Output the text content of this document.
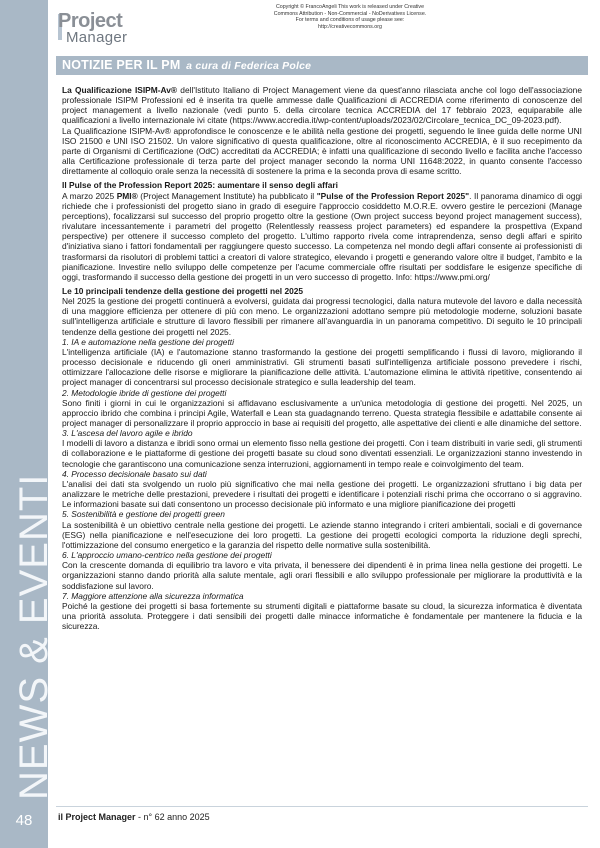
Project
Manager
Copyright © FrancoAngeli This work is released under Creative
Commons Attribution - Non-Commercial - NoDerivatives License.
For terms and conditions of usage please see:
http://creativecommons.org
NEWS & EVENTI
48
NOTIZIE PER IL PM a cura di Federica Polce

La Qualificazione ISIPM-Av® dell'Istituto Italiano di Project Management viene da quest'anno rilasciata anche col logo dell'associazione professionale ISIPM Professioni ed è inserita tra quelle ammesse dalle Qualificazioni di ACCREDIA come riferimento di conoscenze del project management a livello nazionale (vedi punto 5. della circolare tecnica ACCREDIA del 17 febbraio 2023, equiparabile alle qualificazioni a livello internazionale ivi citate (https://www.accredia.it/wp-content/uploads/2023/02/Circolare_tecnica_DC_09-2023.pdf).

La Qualificazione ISIPM-Av® approfondisce le conoscenze e le abilità nella gestione dei progetti, seguendo le linee guida delle norme UNI ISO 21500 e UNI ISO 21502. Un valore significativo di questa qualificazione, oltre al riconoscimento ACCREDIA, è il suo recepimento da parte di Organismi di Certificazione (OdC) accreditati da ACCREDIA; è infatti una qualificazione di secondo livello e facilita anche l'accesso alla Certificazione professionale di terza parte del project manager secondo la norma UNI 11648:2022, in quanto consente l'accesso direttamente al colloquio orale senza la necessità di sostenere la prima e la seconda prova di esame scritto.

Il Pulse of the Profession Report 2025: aumentare il senso degli affari

A marzo 2025 PMI® (Project Management Institute) ha pubblicato il "Pulse of the Profession Report 2025". Il panorama dinamico di oggi richiede che i professionisti del progetto siano in grado di eseguire l'approccio cosiddetto M.O.R.E. ovvero gestire le percezioni (Manage perceptions), focalizzarsi sul successo del proprio progetto oltre la gestione (Own project success beyond project management success), rivalutare incessantemente i parametri del progetto (Relentlessly reassess project parameters) ed espandere la prospettiva (Expand perspective) per ottenere il successo completo del progetto. L'ultimo rapporto rivela come intraprendenza, senso degli affari e spirito d'iniziativa siano i fattori fondamentali per raggiungere questo successo. La competenza nel mondo degli affari consente ai professionisti di trasformarsi da risolutori di problemi tattici a creatori di valore strategico, elevando i progetti e generando valore oltre il budget, l'ambito e la pianificazione. Investire nello sviluppo delle competenze per l'acume commerciale offre risultati per soddisfare le esigenze specifiche di oggi, trasformando il successo della gestione dei progetti in un vero successo di progetto. Info: https://www.pmi.org/

Le 10 principali tendenze della gestione dei progetti nel 2025

Nel 2025 la gestione dei progetti continuerà a evolversi, guidata dai progressi tecnologici, dalla natura mutevole del lavoro e dalla necessità di una maggiore efficienza per ottenere di più con meno. Le organizzazioni adottano sempre più metodologie moderne, soluzioni basate sull'intelligenza artificiale e strutture di lavoro flessibili per rimanere all'avanguardia in un panorama competitivo. Di seguito le 10 principali tendenze della gestione dei progetti nel 2025.

1. IA e automazione nella gestione dei progetti

L'intelligenza artificiale (IA) e l'automazione stanno trasformando la gestione dei progetti semplificando i flussi di lavoro, migliorando il processo decisionale e riducendo gli oneri amministrativi. Gli strumenti basati sull'intelligenza artificiale possono prevedere i rischi, ottimizzare l'allocazione delle risorse e migliorare la pianificazione delle attività. L'automazione elimina le attività ripetitive, consentendo ai project manager di concentrarsi sul processo decisionale strategico e sulla leadership del team.

2. Metodologie ibride di gestione dei progetti

Sono finiti i giorni in cui le organizzazioni si affidavano esclusivamente a un'unica metodologia di gestione dei progetti. Nel 2025, un approccio ibrido che combina i principi Agile, Waterfall e Lean sta guadagnando terreno. Questa strategia flessibile e adattabile consente ai project manager di personalizzare il proprio approccio in base ai requisiti del progetto, alle aspettative dei clienti e alle dinamiche del settore.

3. L'ascesa del lavoro agile e ibrido

I modelli di lavoro a distanza e ibridi sono ormai un elemento fisso nella gestione dei progetti. Con i team distribuiti in varie sedi, gli strumenti di collaborazione e le piattaforme di gestione dei progetti basate su cloud sono diventati essenziali. Le organizzazioni stanno investendo in tecnologie che garantiscono una comunicazione senza interruzioni, aggiornamenti in tempo reale e coinvolgimento del team.

4. Processo decisionale basato sui dati

L'analisi dei dati sta svolgendo un ruolo più significativo che mai nella gestione dei progetti. Le organizzazioni sfruttano i big data per analizzare le metriche delle prestazioni, prevedere i risultati dei progetti e identificare i potenziali rischi prima che occorrano o si aggravino. Le informazioni basate sui dati consentono un processo decisionale più informato e una migliore pianificazione dei progetti

5. Sostenibilità e gestione dei progetti green

La sostenibilità è un obiettivo centrale nella gestione dei progetti. Le aziende stanno integrando i criteri ambientali, sociali e di governance (ESG) nella pianificazione e nell'esecuzione dei loro progetti. La gestione dei progetti ecologici comporta la riduzione degli sprechi, l'ottimizzazione del consumo energetico e la garanzia del rispetto delle normative sulla sostenibilità.

6. L'approccio umano-centrico nella gestione dei progetti

Con la crescente domanda di equilibrio tra lavoro e vita privata, il benessere dei dipendenti è in prima linea nella gestione dei progetti. Le organizzazioni stanno dando priorità alla salute mentale, agli orari flessibili e allo sviluppo professionale per migliorare la produttività e la soddisfazione sul lavoro.

7. Maggiore attenzione alla sicurezza informatica

Poiché la gestione dei progetti si basa fortemente su strumenti digitali e piattaforme basate su cloud, la sicurezza informatica è diventata una priorità assoluta. Proteggere i dati sensibili dei progetti dalle minacce informatiche è fondamentale per mantenere la fiducia e la sicurezza.

il Project Manager - n° 62 anno 2025
